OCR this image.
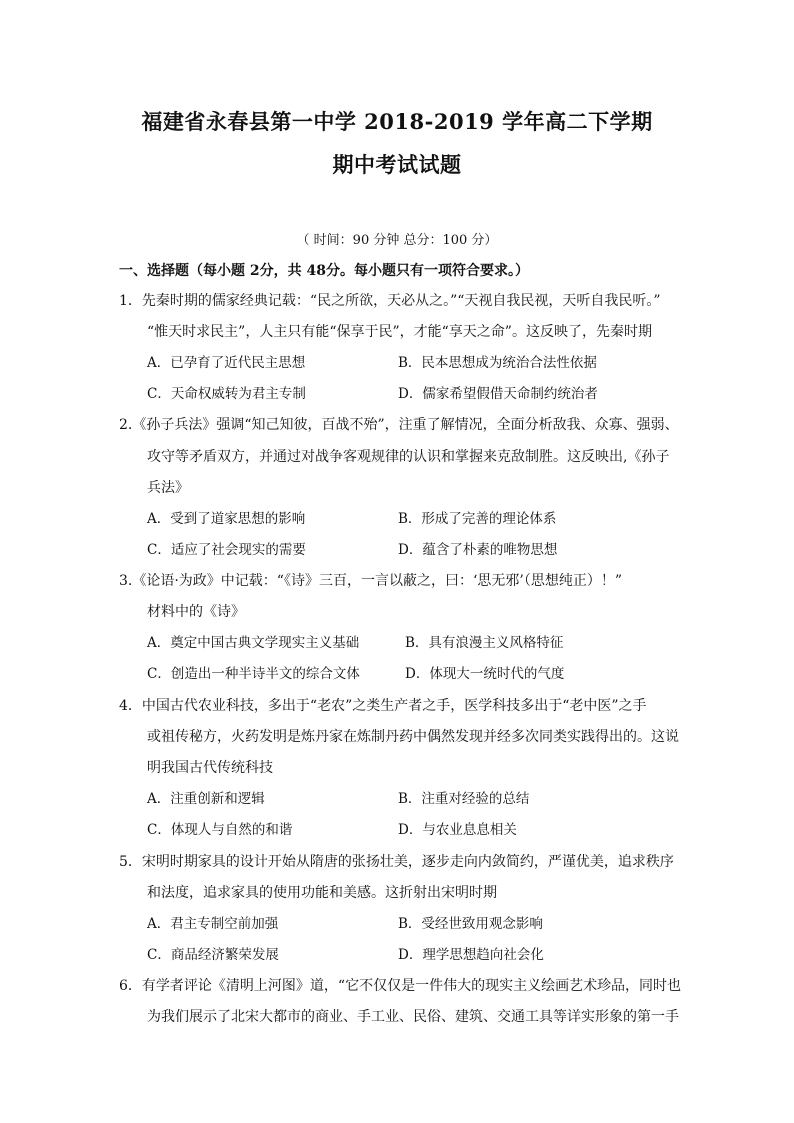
福建省永春县第一中学 2018-2019 学年高二下学期
期中考试试题
（ 时间：90 分钟 总分：100 分）
一、选择题（每小题 2分，共 48分。每小题只有一项符合要求。）
1．先秦时期的儒家经典记载：“民之所欲，天必从之。”“天视自我民视，天听自我民听。”
“惟天时求民主”，人主只有能“保享于民”，才能“享天之命”。这反映了，先秦时期
A．已孕育了近代民主思想	B．民本思想成为统治合法性依据
C．天命权威转为君主专制	D．儒家希望假借天命制约统治者
2.《孙子兵法》强调“知己知彼，百战不殆”，注重了解情况，全面分析敌我、众寡、强弱、
攻守等矛盾双方，并通过对战争客观规律的认识和掌握来克敌制胜。这反映出,《孙子
兵法》
A．受到了道家思想的影响	B．形成了完善的理论体系
C．适应了社会现实的需要	D．蕴含了朴素的唯物思想
3.《论语·为政》中记载：“《诗》三百，一言以蔽之，曰：‘思无邪’（思想纯正）！”
材料中的《诗》
A．奠定中国古典文学现实主义基础	B．具有浪漫主义风格特征
C．创造出一种半诗半文的综合文体	D．体现大一统时代的气度
4．中国古代农业科技，多出于“老农”之类生产者之手，医学科技多出于“老中医”之手
或祖传秘方，火药发明是炼丹家在炼制丹药中偶然发现并经多次同类实践得出的。这说
明我国古代传统科技
A．注重创新和逻辑	B．注重对经验的总结
C．体现人与自然的和谐	D．与农业息息相关
5．宋明时期家具的设计开始从隋唐的张扬壮美，逐步走向内敛简约，严谨优美，追求秩序
和法度，追求家具的使用功能和美感。这折射出宋明时期
A．君主专制空前加强	B．受经世致用观念影响
C．商品经济繁荣发展	D．理学思想趋向社会化
6．有学者评论《清明上河图》道，“它不仅仅是一件伟大的现实主义绘画艺术珍品，同时也
为我们展示了北宋大都市的商业、手工业、民俗、建筑、交通工具等详实形象的第一手
